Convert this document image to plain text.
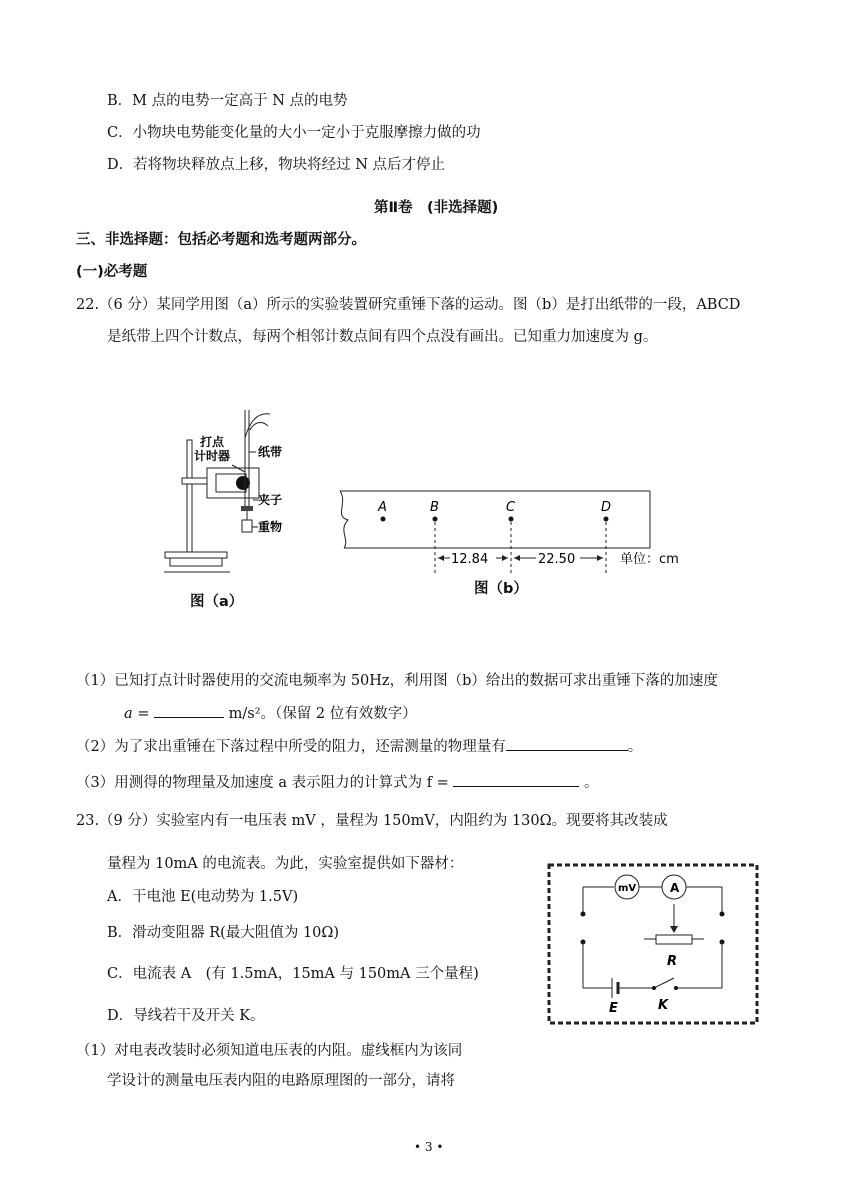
B．M 点的电势一定高于 N 点的电势
C．小物块电势能变化量的大小一定小于克服摩擦力做的功
D．若将物块释放点上移，物块将经过 N 点后才停止
第Ⅱ卷　(非选择题)
三、非选择题：包括必考题和选考题两部分。
(一)必考题
22.（6 分）某同学用图（a）所示的实验装置研究重锤下落的运动。图（b）是打出纸带的一段，ABCD
是纸带上四个计数点，每两个相邻计数点间有四个点没有画出。已知重力加速度为 g。
打点
计时器 纸带
夹子
重物
图（a）
A	B	C	D
12.84	22.50	单位：cm
图（b）
（1）已知打点计时器使用的交流电频率为 50Hz，利用图（b）给出的数据可求出重锤下落的加速度
a =	m/s²。（保留 2 位有效数字）
（2）为了求出重锤在下落过程中所受的阻力，还需测量的物理量有	。
（3）用测得的物理量及加速度 a 表示阻力的计算式为 f =	。
23.（9 分）实验室内有一电压表 mV ，量程为 150mV，内阻约为 130Ω。现要将其改装成
量程为 10mA 的电流表。为此，实验室提供如下器材：
A．干电池 E(电动势为 1.5V)
B．滑动变阻器 R(最大阻值为 10Ω)
C．电流表 A　(有 1.5mA，15mA 与 150mA 三个量程)
D．导线若干及开关 K。
（1）对电表改装时必须知道电压表的内阻。虚线框内为该同
学设计的测量电压表内阻的电路原理图的一部分，请将
mV	A
R
E	K
• 3 •
